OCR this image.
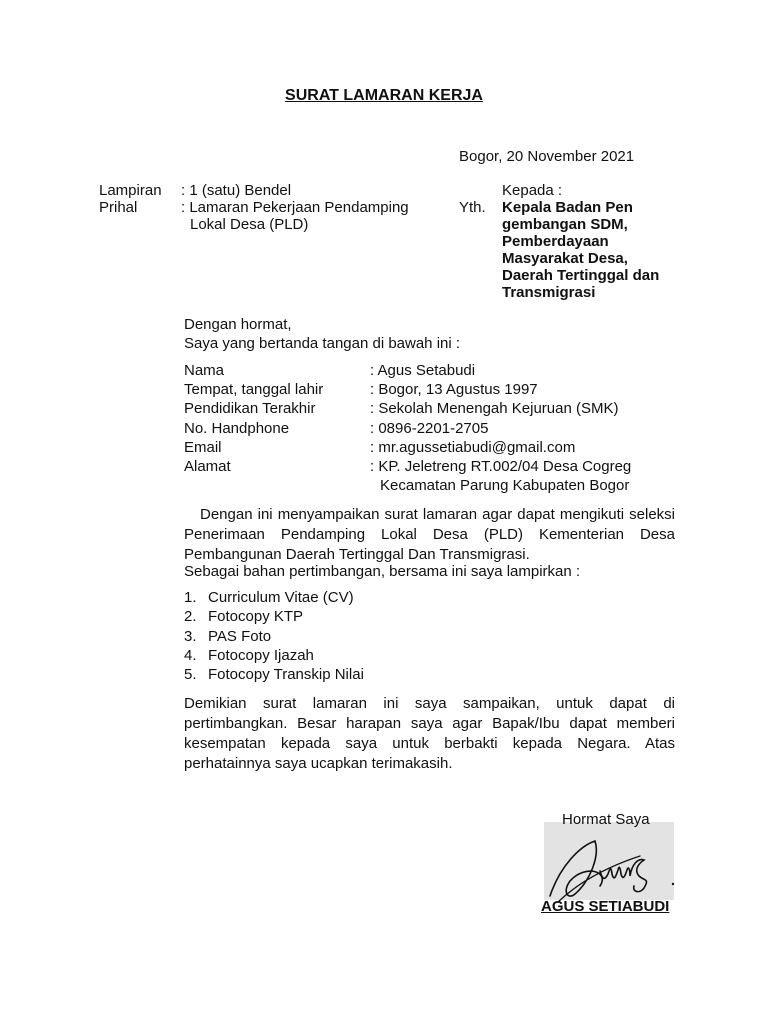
SURAT LAMARAN KERJA
Bogor, 20 November 2021
Lampiran : 1 (satu) Bendel
Prihal	: Lamaran Pekerjaan Pendamping
Lokal Desa (PLD)
Kepada :
Yth. Kepala Badan Pen
gembangan SDM,
Pemberdayaan
Masyarakat Desa,
Daerah Tertinggal dan
Transmigrasi
Dengan hormat,
Saya yang bertanda tangan di bawah ini :
Nama	: Agus Setabudi
Tempat, tanggal lahir	: Bogor, 13 Agustus 1997
Pendidikan Terakhir	: Sekolah Menengah Kejuruan (SMK)
No. Handphone	: 0896-2201-2705
Email	: mr.agussetiabudi@gmail.com
Alamat	: KP. Jeletreng RT.002/04 Desa Cogreg
Kecamatan Parung Kabupaten Bogor
Dengan ini menyampaikan surat lamaran agar dapat mengikuti seleksi
Penerimaan Pendamping Lokal Desa (PLD) Kementerian Desa
Pembangunan Daerah Tertinggal Dan Transmigrasi.
Sebagai bahan pertimbangan, bersama ini saya lampirkan :
1. Curriculum Vitae (CV)
2. Fotocopy KTP
3. PAS Foto
4. Fotocopy Ijazah
5. Fotocopy Transkip Nilai
Demikian surat lamaran ini saya sampaikan, untuk dapat di
pertimbangkan. Besar harapan saya agar Bapak/Ibu dapat memberi
kesempatan kepada saya untuk berbakti kepada Negara. Atas
perhatainnya saya ucapkan terimakasih.
Hormat Saya
AGUS SETIABUDI
